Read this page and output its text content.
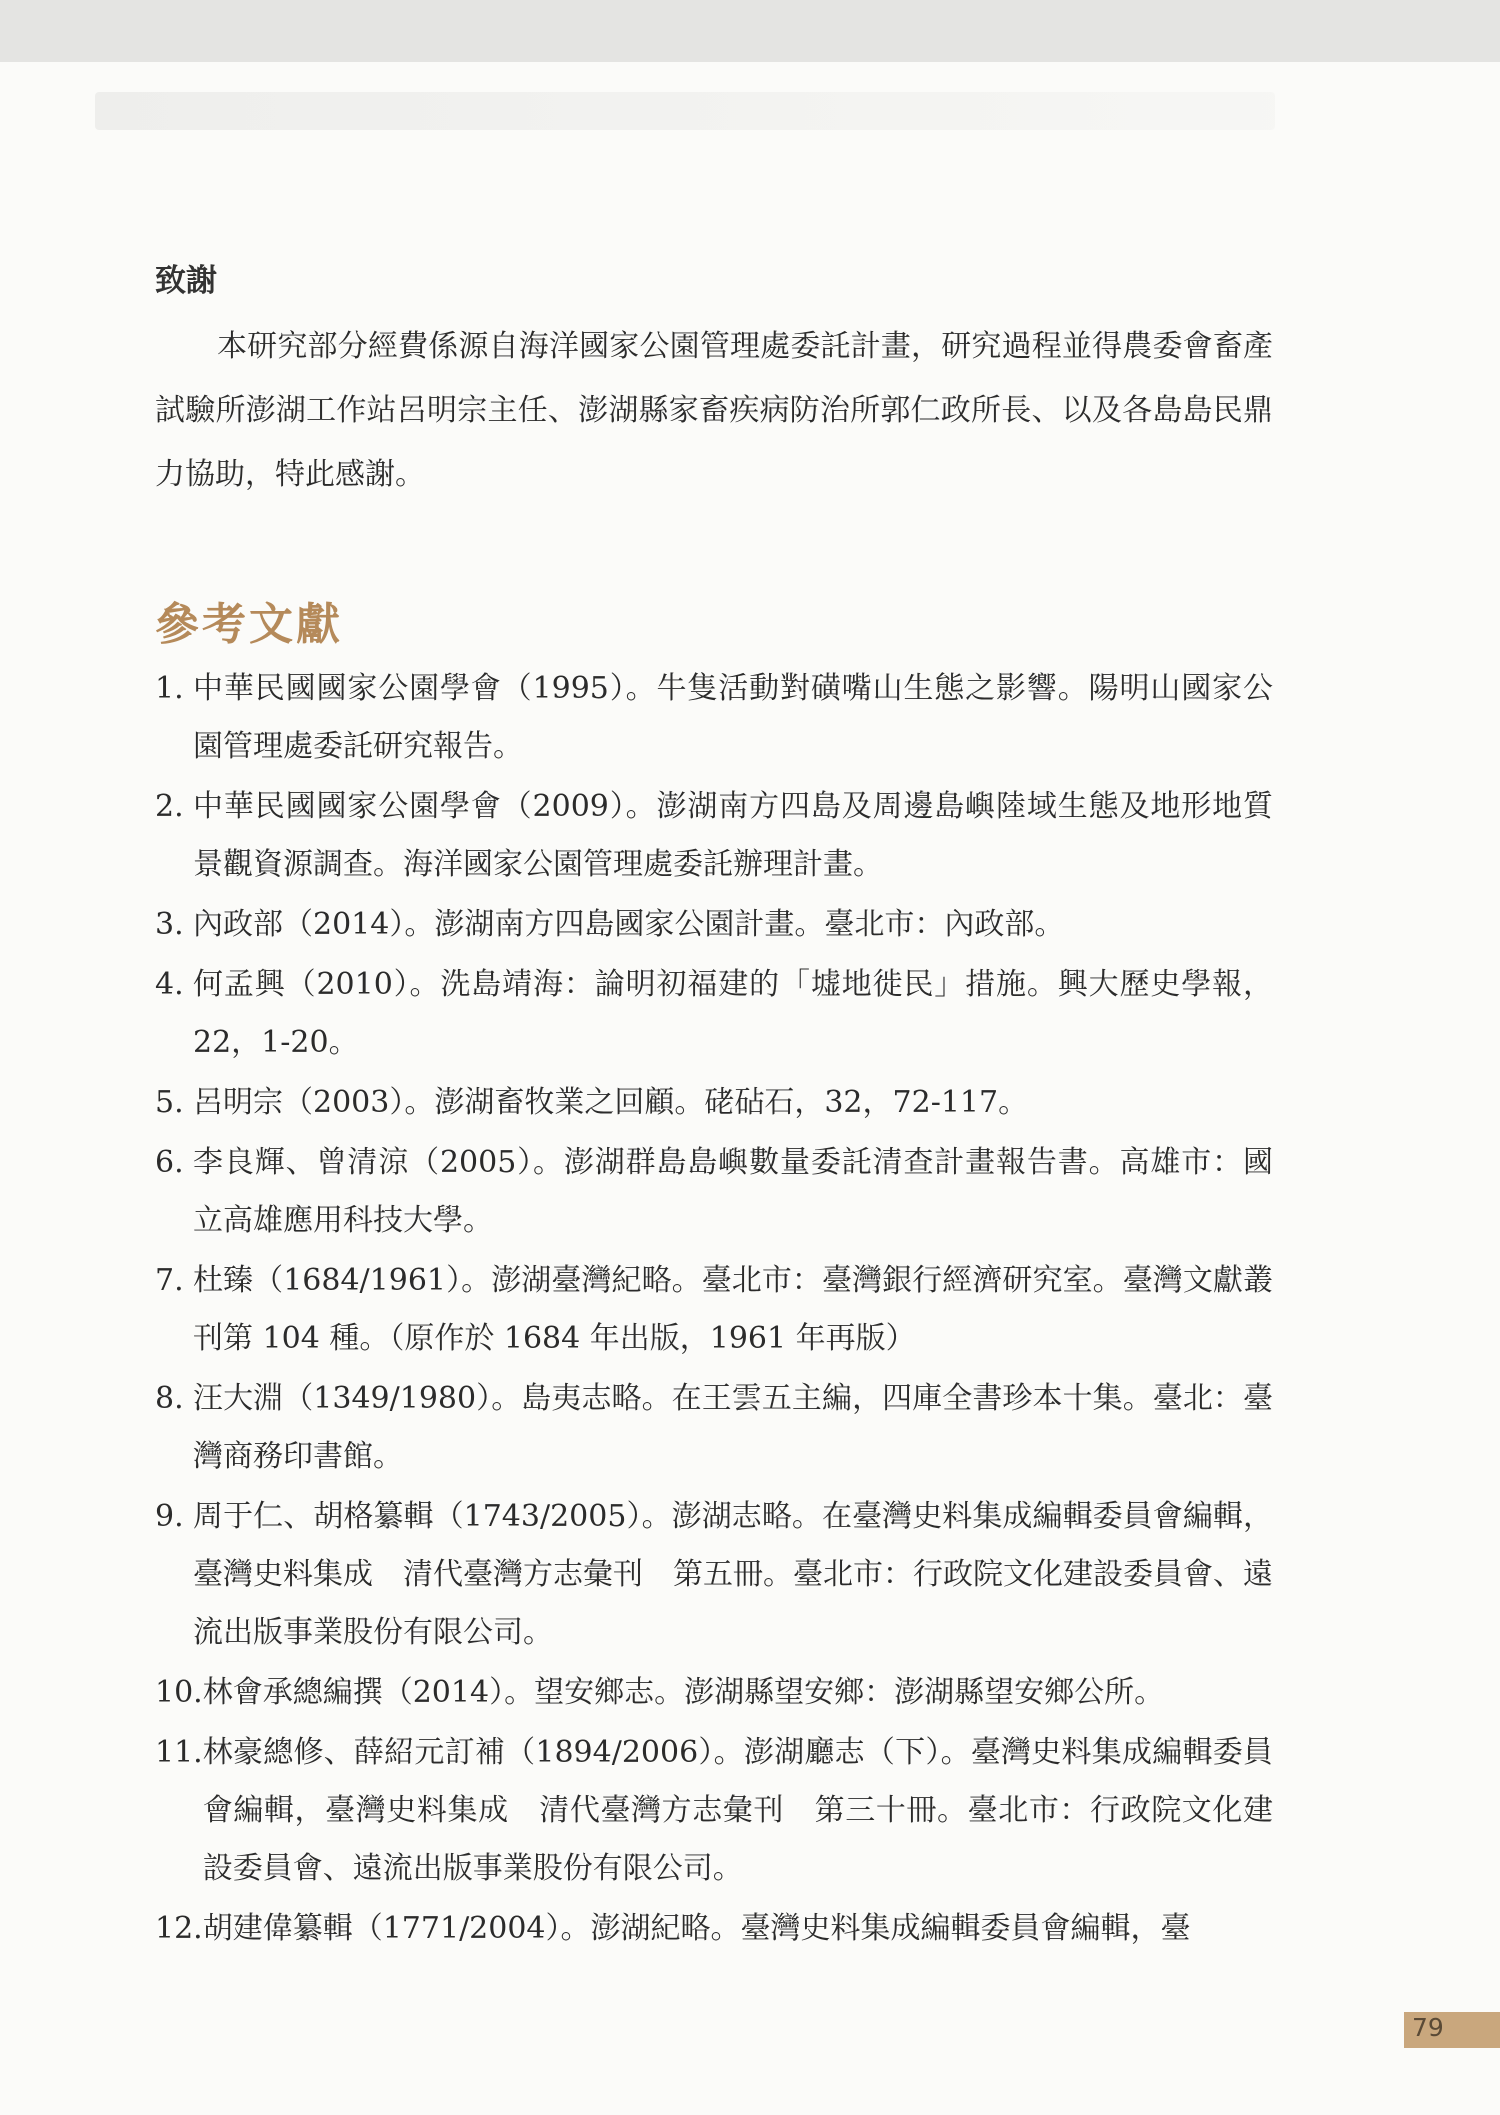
致謝

本研究部分經費係源自海洋國家公園管理處委託計畫，研究過程並得農委會畜產試驗所澎湖工作站呂明宗主任、澎湖縣家畜疾病防治所郭仁政所長、以及各島島民鼎力協助，特此感謝。

參考文獻
1. 中華民國國家公園學會（1995）。牛隻活動對磺嘴山生態之影響。陽明山國家公園管理處委託研究報告。
2. 中華民國國家公園學會（2009）。澎湖南方四島及周邊島嶼陸域生態及地形地質景觀資源調查。海洋國家公園管理處委託辦理計畫。
3. 內政部（2014）。澎湖南方四島國家公園計畫。臺北市：內政部。
4. 何孟興（2010）。洗島靖海：論明初福建的「墟地徙民」措施。興大歷史學報，22，1-20。
5. 呂明宗（2003）。澎湖畜牧業之回顧。硓砧石，32，72-117。
6. 李良輝、曾清涼（2005）。澎湖群島島嶼數量委託清查計畫報告書。高雄市：國立高雄應用科技大學。
7. 杜臻（1684/1961）。澎湖臺灣紀略。臺北市：臺灣銀行經濟研究室。臺灣文獻叢刊第 104 種。（原作於 1684 年出版，1961 年再版）
8. 汪大淵（1349/1980）。島夷志略。在王雲五主編，四庫全書珍本十集。臺北：臺灣商務印書館。
9. 周于仁、胡格纂輯（1743/2005）。澎湖志略。在臺灣史料集成編輯委員會編輯，臺灣史料集成　清代臺灣方志彙刊　第五冊。臺北市：行政院文化建設委員會、遠流出版事業股份有限公司。
10. 林會承總編撰（2014）。望安鄉志。澎湖縣望安鄉：澎湖縣望安鄉公所。
11. 林豪總修、薛紹元訂補（1894/2006）。澎湖廳志（下）。臺灣史料集成編輯委員會編輯，臺灣史料集成　清代臺灣方志彙刊　第三十冊。臺北市：行政院文化建設委員會、遠流出版事業股份有限公司。
12. 胡建偉纂輯（1771/2004）。澎湖紀略。臺灣史料集成編輯委員會編輯，臺
79
